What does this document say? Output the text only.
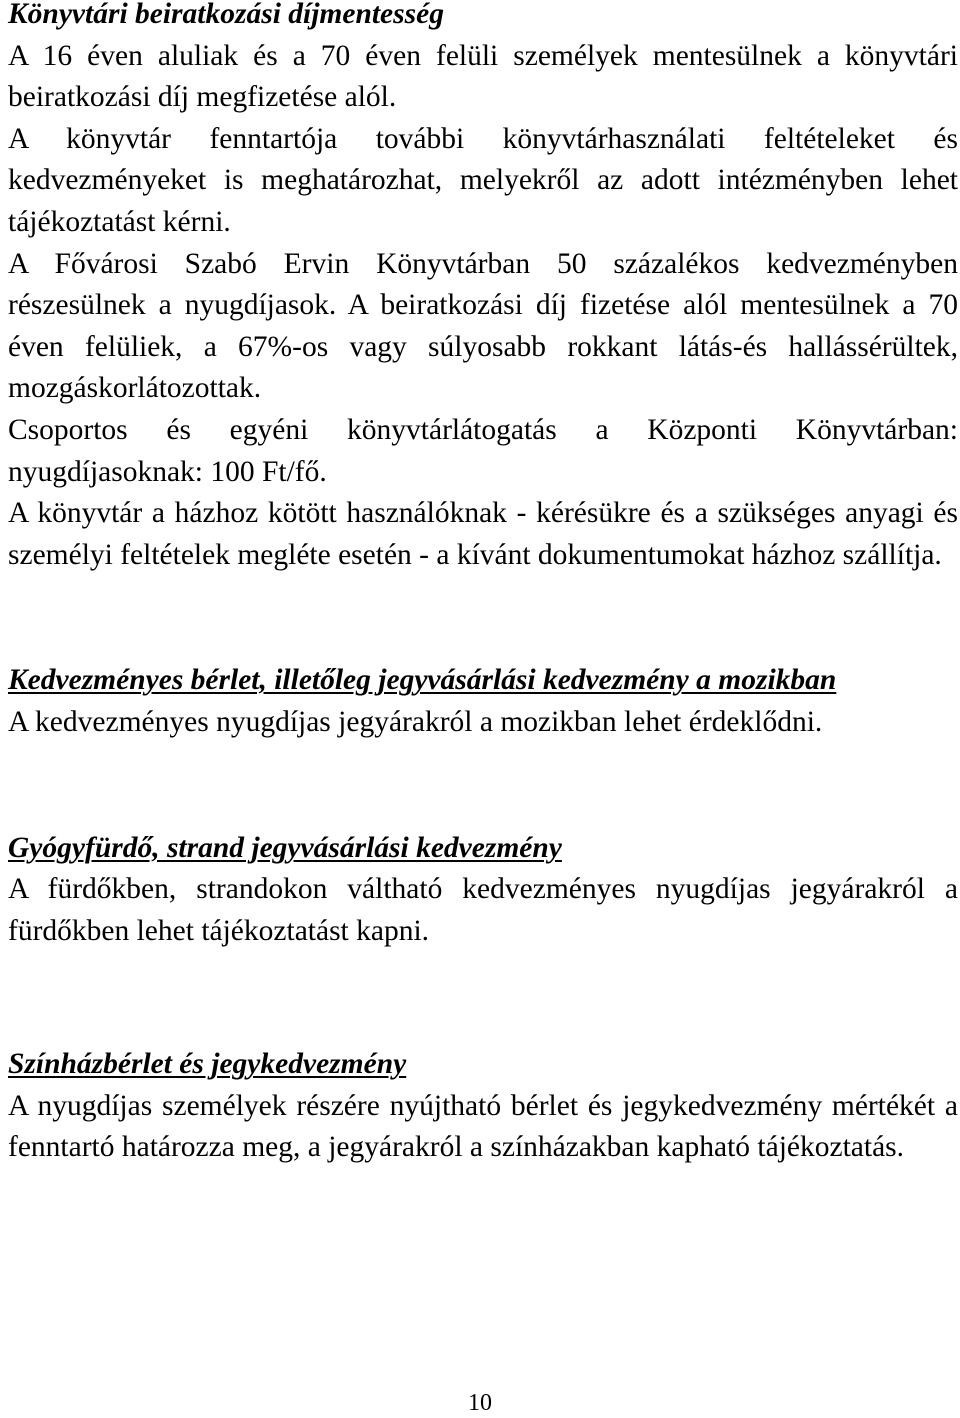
Könyvtári beiratkozási díjmentesség

A 16 éven aluliak és a 70 éven felüli személyek mentesülnek a könyvtári beiratkozási díj megfizetése alól.

A könyvtár fenntartója további könyvtárhasználati feltételeket és kedvezményeket is meghatározhat, melyekről az adott intézményben lehet tájékoztatást kérni.

A Fővárosi Szabó Ervin Könyvtárban 50 százalékos kedvezményben részesülnek a nyugdíjasok. A beiratkozási díj fizetése alól mentesülnek a 70 éven felüliek, a 67%-os vagy súlyosabb rokkant látás-és hallássérültek, mozgáskorlátozottak.

Csoportos és egyéni könyvtárlátogatás a Központi Könyvtárban: nyugdíjasoknak: 100 Ft/fő.

A könyvtár a házhoz kötött használóknak - kérésükre és a szükséges anyagi és személyi feltételek megléte esetén - a kívánt dokumentumokat házhoz szállítja.

Kedvezményes bérlet, illetőleg jegyvásárlási kedvezmény a mozikban

A kedvezményes nyugdíjas jegyárakról a mozikban lehet érdeklődni.

Gyógyfürdő, strand jegyvásárlási kedvezmény

A fürdőkben, strandokon váltható kedvezményes nyugdíjas jegyárakról a fürdőkben lehet tájékoztatást kapni.

Színházbérlet és jegykedvezmény

A nyugdíjas személyek részére nyújtható bérlet és jegykedvezmény mértékét a fenntartó határozza meg, a jegyárakról a színházakban kapható tájékoztatás.

10
